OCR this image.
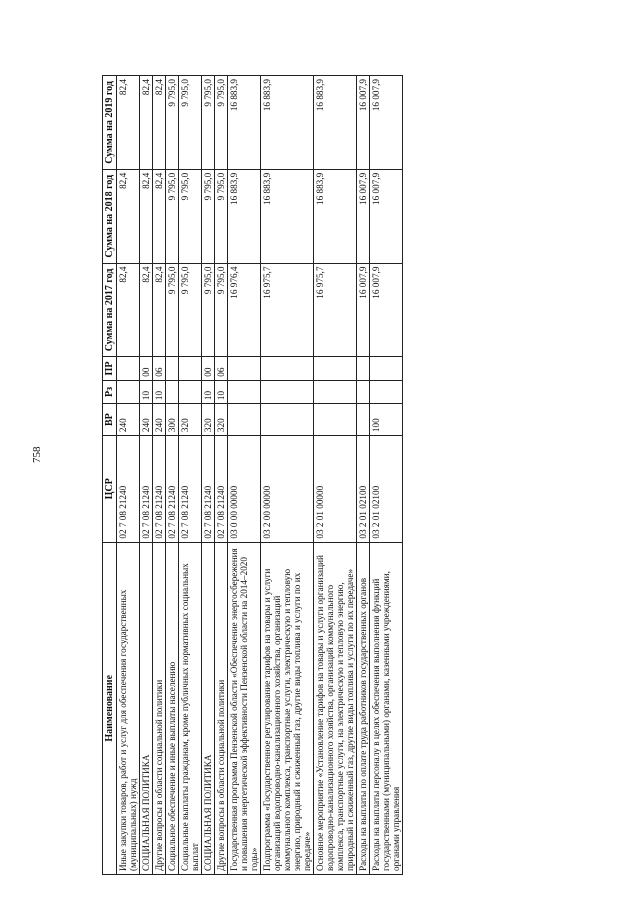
758
Наименование	ЦСР	ВР	Рз	ПР	Сумма на 2017 год	Сумма на 2018 год	Сумма на 2019 год
Иные закупки товаров, работ и услуг для обеспечения государственных (муниципальных) нужд	02 7 08 21240	240			82,4	82,4	82,4
СОЦИАЛЬНАЯ ПОЛИТИКА	02 7 08 21240	240	10	00	82,4	82,4	82,4
Другие вопросы в области социальной политики	02 7 08 21240	240	10	06	82,4	82,4	82,4
Социальное обеспечение и иные выплаты населению	02 7 08 21240	300			9 795,0	9 795,0	9 795,0
Социальные выплаты гражданам, кроме публичных нормативных социальных выплат	02 7 08 21240	320			9 795,0	9 795,0	9 795,0
СОЦИАЛЬНАЯ ПОЛИТИКА	02 7 08 21240	320	10	00	9 795,0	9 795,0	9 795,0
Другие вопросы в области социальной политики	02 7 08 21240	320	10	06	9 795,0	9 795,0	9 795,0
Государственная программа Пензенской области «Обеспечение энергосбережения и повышения энергетической эффективности Пензенской области на 2014–2020 годы»	03 0 00 00000				16 976,4	16 883,9	16 883,9
Подпрограмма «Государственное регулирование тарифов на товары и услуги организаций водопроводно-канализационного хозяйства, организаций коммунального комплекса, транспортные услуги, электрическую и тепловую энергию, природный и сжиженный газ, другие виды топлива и услуги по их передаче»	03 2 00 00000				16 975,7	16 883,9	16 883,9
Основное мероприятие «Установление тарифов на товары и услуги организаций водопроводно-канализационного хозяйства, организаций коммунального комплекса, транспортные услуги, на электрическую и тепловую энергию, природный и сжиженный газ, другие виды топлива и услуги по их передаче»	03 2 01 00000				16 975,7	16 883,9	16 883,9
Расходы на выплаты по оплате труда работников государственных органов	03 2 01 02100				16 007,9	16 007,9	16 007,9
Расходы на выплаты персоналу в целях обеспечения выполнения функций государственными (муниципальными) органами, казенными учреждениями, органами управления	03 2 01 02100	100			16 007,9	16 007,9	16 007,9
